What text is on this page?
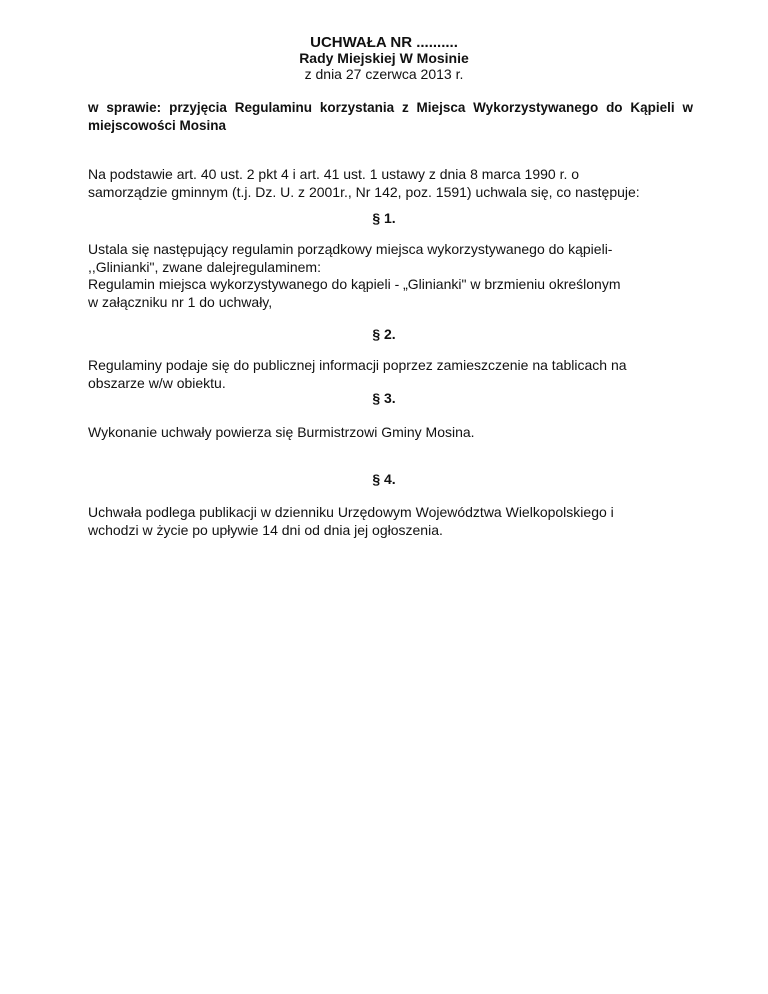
UCHWAŁA NR ..........
Rady Miejskiej W Mosinie
z dnia 27 czerwca 2013 r.
w sprawie: przyjęcia Regulaminu korzystania z Miejsca Wykorzystywanego do Kąpieli w miejscowości Mosina
Na podstawie art. 40 ust. 2 pkt 4 i art. 41 ust. 1 ustawy z dnia 8 marca 1990 r. o
samorządzie gminnym (t.j. Dz. U. z 2001r., Nr 142, poz. 1591) uchwala się, co następuje:
§ 1.
Ustala się następujący regulamin porządkowy miejsca wykorzystywanego do kąpieli-
,,Glinianki", zwane dalejregulaminem:
Regulamin miejsca wykorzystywanego do kąpieli - „Glinianki" w brzmieniu określonym
w załączniku nr 1 do uchwały,
§ 2.
Regulaminy podaje się do publicznej informacji poprzez zamieszczenie na tablicach na
obszarze w/w obiektu.
§ 3.
Wykonanie uchwały powierza się Burmistrzowi Gminy Mosina.
§ 4.
Uchwała podlega publikacji w dzienniku Urzędowym Województwa Wielkopolskiego i
wchodzi w życie po upływie 14 dni od dnia jej ogłoszenia.
